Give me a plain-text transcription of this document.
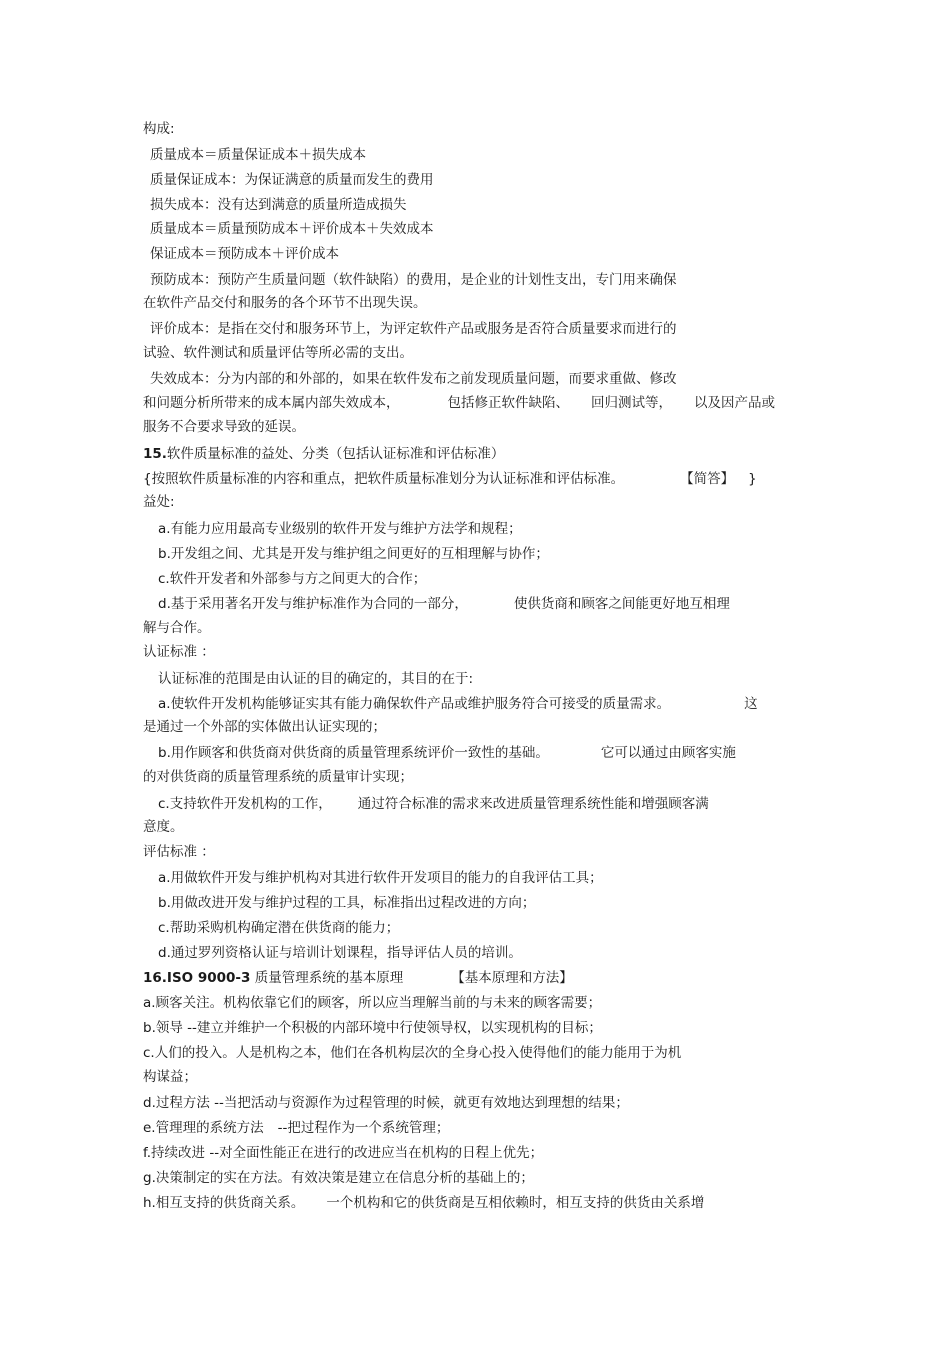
构成:
质量成本＝质量保证成本＋损失成本
质量保证成本：为保证满意的质量而发生的费用
损失成本：没有达到满意的质量所造成损失
质量成本＝质量预防成本＋评价成本＋失效成本
保证成本＝预防成本＋评价成本
预防成本：预防产生质量问题（软件缺陷）的费用，是企业的计划性支出，专门用来确保
在软件产品交付和服务的各个环节不出现失误。
评价成本：是指在交付和服务环节上，为评定软件产品或服务是否符合质量要求而进行的
试验、软件测试和质量评估等所必需的支出。
失效成本：分为内部的和外部的，如果在软件发布之前发现质量问题，而要求重做、修改
和问题分析所带来的成本属内部失效成本，	包括修正软件缺陷、 回归测试等， 以及因产品或
服务不合要求导致的延误。
15.软件质量标准的益处、分类（包括认证标准和评估标准）
{按照软件质量标准的内容和重点，把软件质量标准划分为认证标准和评估标准。	【简答】 }
益处:
a.有能力应用最高专业级别的软件开发与维护方法学和规程；
b.开发组之间、尤其是开发与维护组之间更好的互相理解与协作；
c.软件开发者和外部参与方之间更大的合作；
d.基于采用著名开发与维护标准作为合同的一部分，	使供货商和顾客之间能更好地互相理
解与合作。
认证标准 ：
认证标准的范围是由认证的目的确定的，其目的在于:
a.使软件开发机构能够证实其有能力确保软件产品或维护服务符合可接受的质量需求。	这
是通过一个外部的实体做出认证实现的；
b.用作顾客和供货商对供货商的质量管理系统评价一致性的基础。	它可以通过由顾客实施
的对供货商的质量管理系统的质量审计实现；
c.支持软件开发机构的工作， 通过符合标准的需求来改进质量管理系统性能和增强顾客满
意度。
评估标准 ：
a.用做软件开发与维护机构对其进行软件开发项目的能力的自我评估工具；
b.用做改进开发与维护过程的工具，标准指出过程改进的方向；
c.帮助采购机构确定潜在供货商的能力；
d.通过罗列资格认证与培训计划课程，指导评估人员的培训。
16.ISO 9000-3 质量管理系统的基本原理	【基本原理和方法】
a.顾客关注。机构依靠它们的顾客，所以应当理解当前的与未来的顾客需要；
b.领导 --建立并维护一个积极的内部环境中行使领导权，以实现机构的目标；
c.人们的投入。人是机构之本，他们在各机构层次的全身心投入使得他们的能力能用于为机
构谋益；
d.过程方法 --当把活动与资源作为过程管理的时候，就更有效地达到理想的结果；
e.管理理的系统方法 --把过程作为一个系统管理；
f.持续改进 --对全面性能正在进行的改进应当在机构的日程上优先；
g.决策制定的实在方法。有效决策是建立在信息分析的基础上的；
h.相互支持的供货商关系。 一个机构和它的供货商是互相依赖时，相互支持的供货由关系增
